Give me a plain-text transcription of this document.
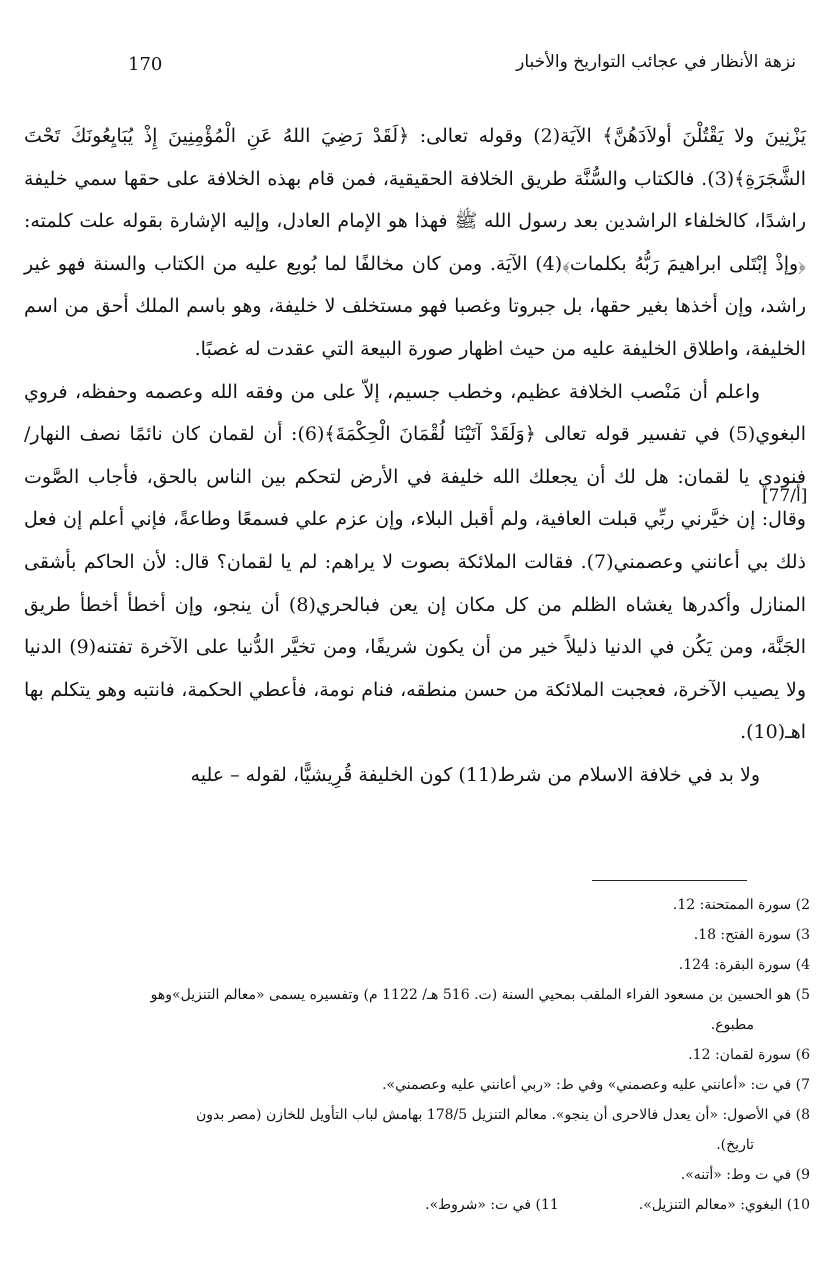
170	نزهة الأنظار في عجائب التواريخ والأخبار
[أ/77]

يَزْنِينَ ولا يَقْتُلْنَ أولاَدَهُنَّ﴾ الآيَة(2) وقوله تعالى: ﴿لَقَدْ رَضِيَ اللهُ عَنِ الْمُؤْمِنِينَ إِذْ يُبَايِعُونَكَ تَحْتَ الشَّجَرَةِ﴾(3). فالكتاب والسُّنَّة طريق الخلافة الحقيقية، فمن قام بهذه الخلافة على حقها سمي خليفة راشدًا، كالخلفاء الراشدين بعد رسول الله ﷺ فهذا هو الإمام العادل، وإليه الإشارة بقوله علت كلمته: ﴿وإذْ إبْتَلى ابراهيمَ رَبُّهُ بكلمات﴾(4) الآيَة. ومن كان مخالفًا لما بُويع عليه من الكتاب والسنة فهو غير راشد، وإن أخذها بغير حقها، بل جبروتا وغصبا فهو مستخلف لا خليفة، وهو باسم الملك أحق من اسم الخليفة، واطلاق الخليفة عليه من حيث اظهار صورة البيعة التي عقدت له غصبًا.

واعلم أن مَنْصب الخلافة عظيم، وخطب جسيم، إلاّ على من وفقه الله وعصمه وحفظه، فروي البغوي(5) في تفسير قوله تعالى ﴿وَلَقَدْ آتَيْنَا لُقْمَانَ الْحِكْمَةَ﴾(6): أن لقمان كان نائمًا نصف النهار/ فنودي يا لقمان: هل لك أن يجعلك الله خليفة في الأرض لتحكم بين الناس بالحق، فأجاب الصَّوت وقال: إن خيَّرني ربِّي قبلت العافية، ولم أقبل البلاء، وإن عزم علي فسمعًا وطاعةً، فإني أعلم إن فعل ذلك بي أعانني وعصمني(7). فقالت الملائكة بصوت لا يراهم: لم يا لقمان؟ قال: لأن الحاكم بأشقى المنازل وأكدرها يغشاه الظلم من كل مكان إن يعن فبالحري(8) أن ينجو، وإن أخطأ أخطأ طريق الجَنَّة، ومن يَكُن في الدنيا ذليلاً خير من أن يكون شريفًا، ومن تخيَّر الدُّنيا على الآخرة تفتنه(9) الدنيا ولا يصيب الآخرة، فعجبت الملائكة من حسن منطقه، فنام نومة، فأعطي الحكمة، فانتبه وهو يتكلم بها اهـ(10).

ولا بد في خلافة الاسلام من شرط(11) كون الخليفة قُرِيشيًّا، لقوله – عليه

2) سورة الممتحنة: 12.

3) سورة الفتح: 18.

4) سورة البقرة: 124.

5) هو الحسين بن مسعود الفراء الملقب بمحيي السنة (ت. 516 هـ/ 1122 م) وتفسيره يسمى «معالم التنزيل»وهو

مطبوع.

6) سورة لقمان: 12.

7) في ت: «أعانني عليه وعصمني» وفي ط: «ربي أعانني عليه وعصمني».

8) في الأصول: «أن يعدل فالاحرى أن ينجو». معالم التنزيل 178/5 بهامش لباب التأويل للخازن (مصر بدون

تاريخ).

9) في ت وط: «أتنه».

10) البغوي: «معالم التنزيل».
11) في ت: «شروط».
